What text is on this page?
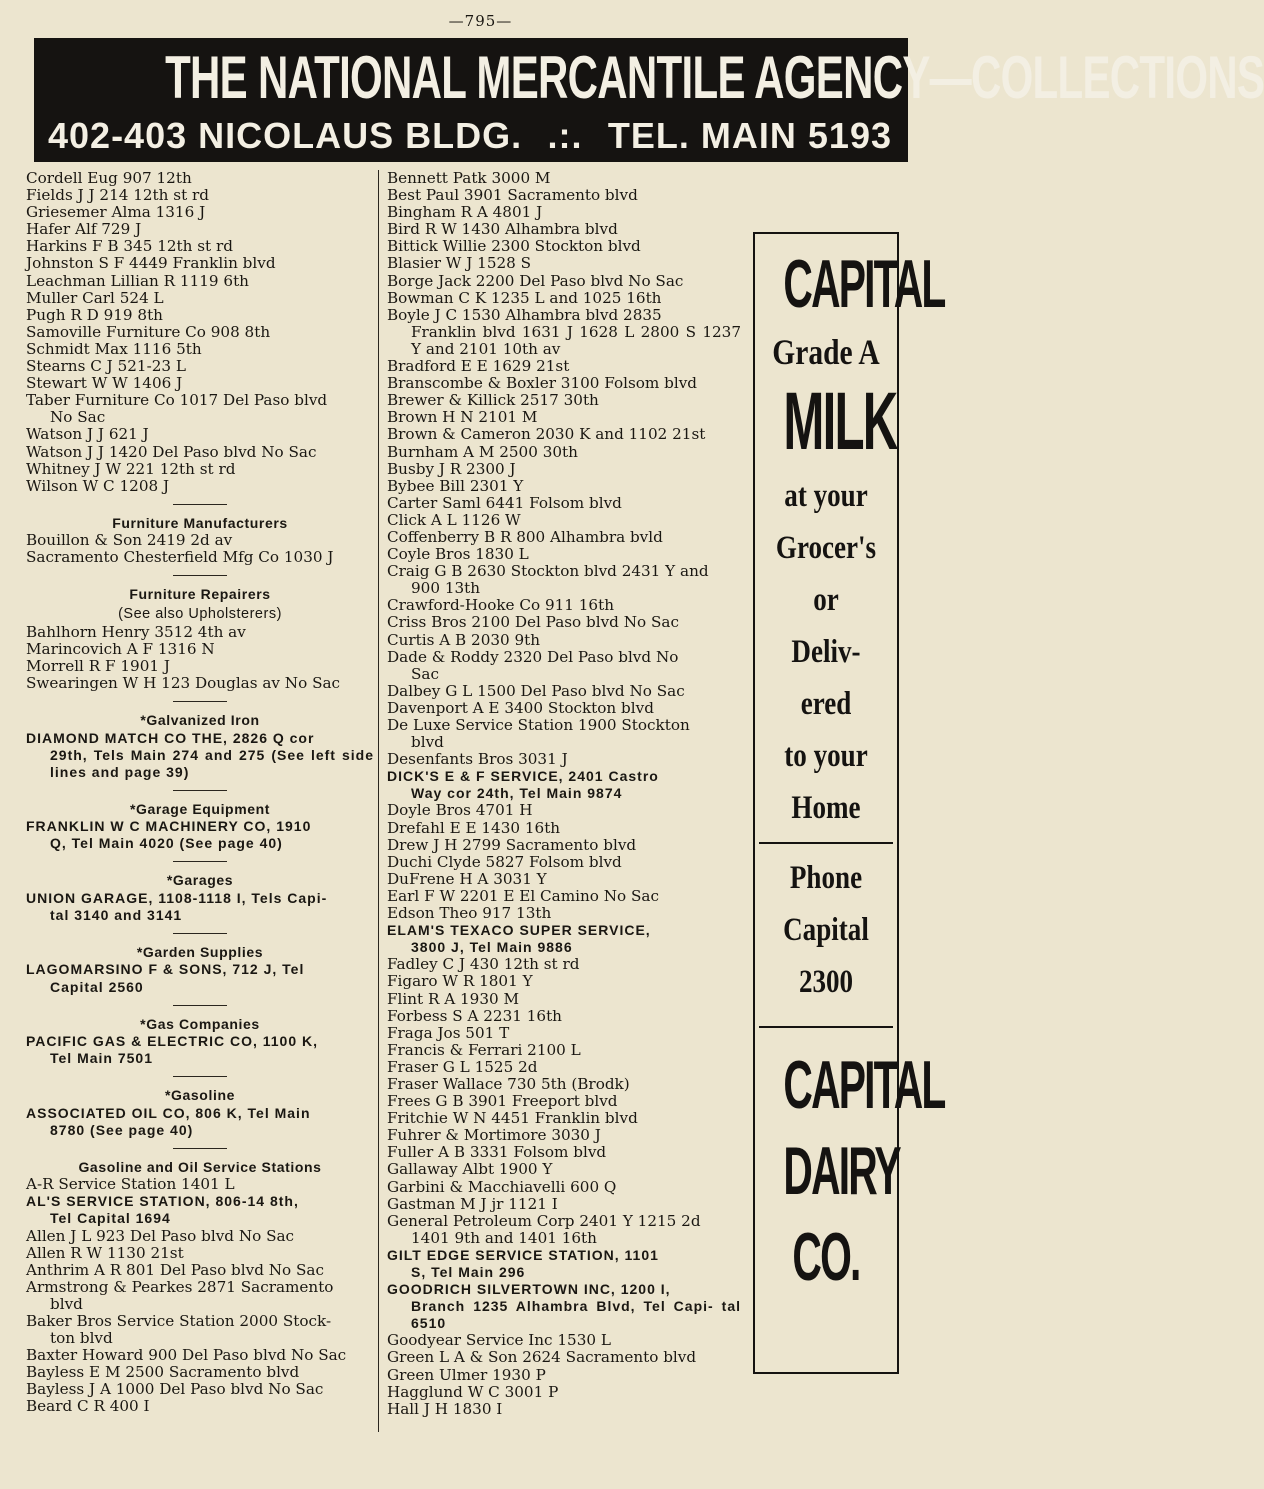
—795—
THE NATIONAL MERCANTILE AGENCY—COLLECTIONS
402-403 NICOLAUS BLDG. .:. TEL. MAIN 5193
Cordell Eug 907 12th
Fields J J 214 12th st rd
Griesemer Alma 1316 J
Hafer Alf 729 J
Harkins F B 345 12th st rd
Johnston S F 4449 Franklin blvd
Leachman Lillian R 1119 6th
Muller Carl 524 L
Pugh R D 919 8th
Samoville Furniture Co 908 8th
Schmidt Max 1116 5th
Stearns C J 521-23 L
Stewart W W 1406 J
Taber Furniture Co 1017 Del Paso blvd
No Sac
Watson J J 621 J
Watson J J 1420 Del Paso blvd No Sac
Whitney J W 221 12th st rd
Wilson W C 1208 J
Furniture Manufacturers
Bouillon & Son 2419 2d av
Sacramento Chesterfield Mfg Co 1030 J
Furniture Repairers
(See also Upholsterers)
Bahlhorn Henry 3512 4th av
Marincovich A F 1316 N
Morrell R F 1901 J
Swearingen W H 123 Douglas av No Sac
*Galvanized Iron
DIAMOND MATCH CO THE, 2826 Q cor
29th, Tels Main 274 and 275 (See left side lines and page 39)
*Garage Equipment
FRANKLIN W C MACHINERY CO, 1910
Q, Tel Main 4020 (See page 40)
*Garages
UNION GARAGE, 1108-1118 I, Tels Capi-
tal 3140 and 3141
*Garden Supplies
LAGOMARSINO F & SONS, 712 J, Tel
Capital 2560
*Gas Companies
PACIFIC GAS & ELECTRIC CO, 1100 K,
Tel Main 7501
*Gasoline
ASSOCIATED OIL CO, 806 K, Tel Main
8780 (See page 40)
Gasoline and Oil Service Stations
A-R Service Station 1401 L
AL'S SERVICE STATION, 806-14 8th,
Tel Capital 1694
Allen J L 923 Del Paso blvd No Sac
Allen R W 1130 21st
Anthrim A R 801 Del Paso blvd No Sac
Armstrong & Pearkes 2871 Sacramento
blvd
Baker Bros Service Station 2000 Stock-
ton blvd
Baxter Howard 900 Del Paso blvd No Sac
Bayless E M 2500 Sacramento blvd
Bayless J A 1000 Del Paso blvd No Sac
Beard C R 400 I
Bennett Patk 3000 M
Best Paul 3901 Sacramento blvd
Bingham R A 4801 J
Bird R W 1430 Alhambra blvd
Bittick Willie 2300 Stockton blvd
Blasier W J 1528 S
Borge Jack 2200 Del Paso blvd No Sac
Bowman C K 1235 L and 1025 16th
Boyle J C 1530 Alhambra blvd 2835
Franklin blvd 1631 J 1628 L 2800 S 1237 Y and 2101 10th av
Bradford E E 1629 21st
Branscombe & Boxler 3100 Folsom blvd
Brewer & Killick 2517 30th
Brown H N 2101 M
Brown & Cameron 2030 K and 1102 21st
Burnham A M 2500 30th
Busby J R 2300 J
Bybee Bill 2301 Y
Carter Saml 6441 Folsom blvd
Click A L 1126 W
Coffenberry B R 800 Alhambra bvld
Coyle Bros 1830 L
Craig G B 2630 Stockton blvd 2431 Y and
900 13th
Crawford-Hooke Co 911 16th
Criss Bros 2100 Del Paso blvd No Sac
Curtis A B 2030 9th
Dade & Roddy 2320 Del Paso blvd No
Sac
Dalbey G L 1500 Del Paso blvd No Sac
Davenport A E 3400 Stockton blvd
De Luxe Service Station 1900 Stockton
blvd
Desenfants Bros 3031 J
DICK'S E & F SERVICE, 2401 Castro
Way cor 24th, Tel Main 9874
Doyle Bros 4701 H
Drefahl E E 1430 16th
Drew J H 2799 Sacramento blvd
Duchi Clyde 5827 Folsom blvd
DuFrene H A 3031 Y
Earl F W 2201 E El Camino No Sac
Edson Theo 917 13th
ELAM'S TEXACO SUPER SERVICE,
3800 J, Tel Main 9886
Fadley C J 430 12th st rd
Figaro W R 1801 Y
Flint R A 1930 M
Forbess S A 2231 16th
Fraga Jos 501 T
Francis & Ferrari 2100 L
Fraser G L 1525 2d
Fraser Wallace 730 5th (Brodk)
Frees G B 3901 Freeport blvd
Fritchie W N 4451 Franklin blvd
Fuhrer & Mortimore 3030 J
Fuller A B 3331 Folsom blvd
Gallaway Albt 1900 Y
Garbini & Macchiavelli 600 Q
Gastman M J jr 1121 I
General Petroleum Corp 2401 Y 1215 2d
1401 9th and 1401 16th
GILT EDGE SERVICE STATION, 1101
S, Tel Main 296
GOODRICH SILVERTOWN INC, 1200 I,
Branch 1235 Alhambra Blvd, Tel Capi- tal 6510
Goodyear Service Inc 1530 L
Green L A & Son 2624 Sacramento blvd
Green Ulmer 1930 P
Hagglund W C 3001 P
Hall J H 1830 I
CAPITAL
Grade A
MILK
at your
Grocer's
or
Deliv-
ered
to your
Home
Phone
Capital
2300
CAPITAL
DAIRY
CO.
